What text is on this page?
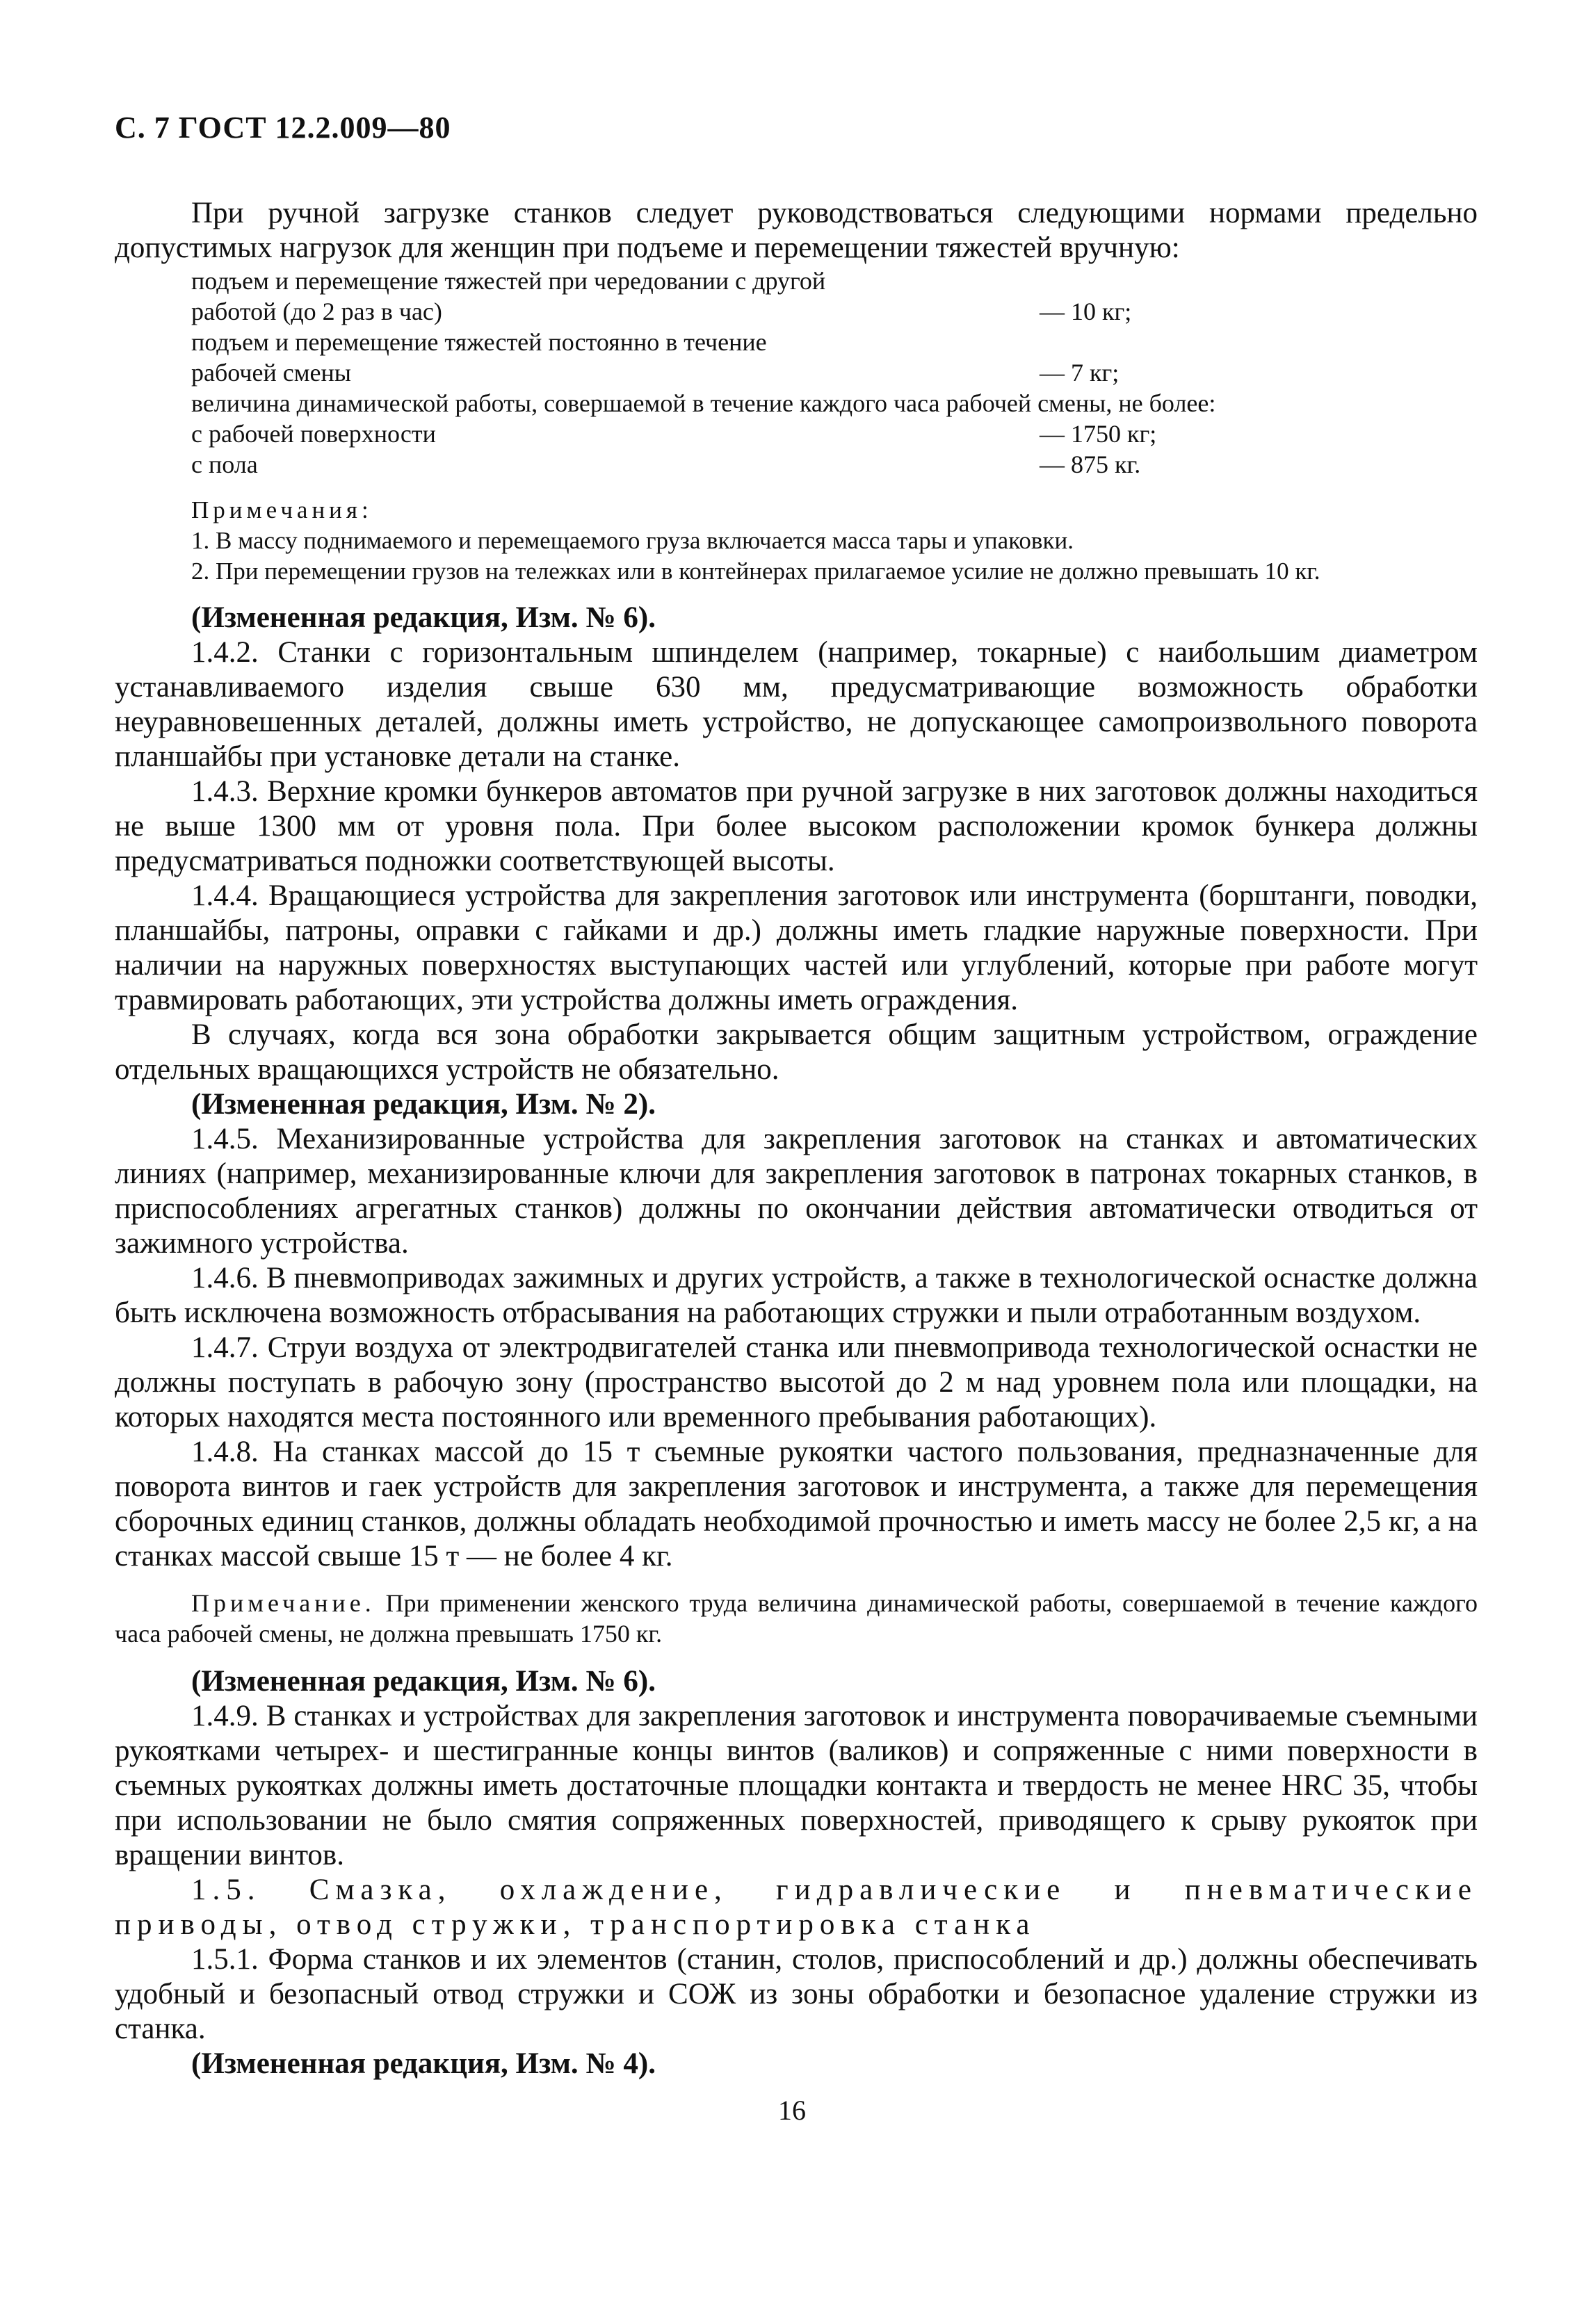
С. 7 ГОСТ 12.2.009—80

При ручной загрузке станков следует руководствоваться следующими нормами предельно допустимых нагрузок для женщин при подъеме и перемещении тяжестей вручную:

подъем и перемещение тяжестей при чередовании с другой
работой (до 2 раз в час)	— 10 кг;
подъем и перемещение тяжестей постоянно в течение
рабочей смены	— 7 кг;
величина динамической работы, совершаемой в течение каждого часа рабочей смены, не более:
с рабочей поверхности	— 1750 кг;
с пола	— 875 кг.
Примечания:
1. В массу поднимаемого и перемещаемого груза включается масса тары и упаковки.
2. При перемещении грузов на тележках или в контейнерах прилагаемое усилие не должно превышать 10 кг.

(Измененная редакция, Изм. № 6).

1.4.2. Станки с горизонтальным шпинделем (например, токарные) с наибольшим диаметром устанавливаемого изделия свыше 630 мм, предусматривающие возможность обработки неуравновешенных деталей, должны иметь устройство, не допускающее самопроизвольного поворота планшайбы при установке детали на станке.

1.4.3. Верхние кромки бункеров автоматов при ручной загрузке в них заготовок должны находиться не выше 1300 мм от уровня пола. При более высоком расположении кромок бункера должны предусматриваться подножки соответствующей высоты.

1.4.4. Вращающиеся устройства для закрепления заготовок или инструмента (борштанги, поводки, планшайбы, патроны, оправки с гайками и др.) должны иметь гладкие наружные поверхности. При наличии на наружных поверхностях выступающих частей или углублений, которые при работе могут травмировать работающих, эти устройства должны иметь ограждения.

В случаях, когда вся зона обработки закрывается общим защитным устройством, ограждение отдельных вращающихся устройств не обязательно.

(Измененная редакция, Изм. № 2).

1.4.5. Механизированные устройства для закрепления заготовок на станках и автоматических линиях (например, механизированные ключи для закрепления заготовок в патронах токарных станков, в приспособлениях агрегатных станков) должны по окончании действия автоматически отводиться от зажимного устройства.

1.4.6. В пневмоприводах зажимных и других устройств, а также в технологической оснастке должна быть исключена возможность отбрасывания на работающих стружки и пыли отработанным воздухом.

1.4.7. Струи воздуха от электродвигателей станка или пневмопривода технологической оснастки не должны поступать в рабочую зону (пространство высотой до 2 м над уровнем пола или площадки, на которых находятся места постоянного или временного пребывания работающих).

1.4.8. На станках массой до 15 т съемные рукоятки частого пользования, предназначенные для поворота винтов и гаек устройств для закрепления заготовок и инструмента, а также для перемещения сборочных единиц станков, должны обладать необходимой прочностью и иметь массу не более 2,5 кг, а на станках массой свыше 15 т — не более 4 кг.

Примечание. При применении женского труда величина динамической работы, совершаемой в течение каждого часа рабочей смены, не должна превышать 1750 кг.

(Измененная редакция, Изм. № 6).

1.4.9. В станках и устройствах для закрепления заготовок и инструмента поворачиваемые съемными рукоятками четырех- и шестигранные концы винтов (валиков) и сопряженные с ними поверхности в съемных рукоятках должны иметь достаточные площадки контакта и твердость не менее HRC 35, чтобы при использовании не было смятия сопряженных поверхностей, приводящего к срыву рукояток при вращении винтов.

1.5. Смазка, охлаждение, гидравлические и пневматические приводы, отвод стружки, транспортировка станка

1.5.1. Форма станков и их элементов (станин, столов, приспособлений и др.) должны обеспечивать удобный и безопасный отвод стружки и СОЖ из зоны обработки и безопасное удаление стружки из станка.

(Измененная редакция, Изм. № 4).

16
